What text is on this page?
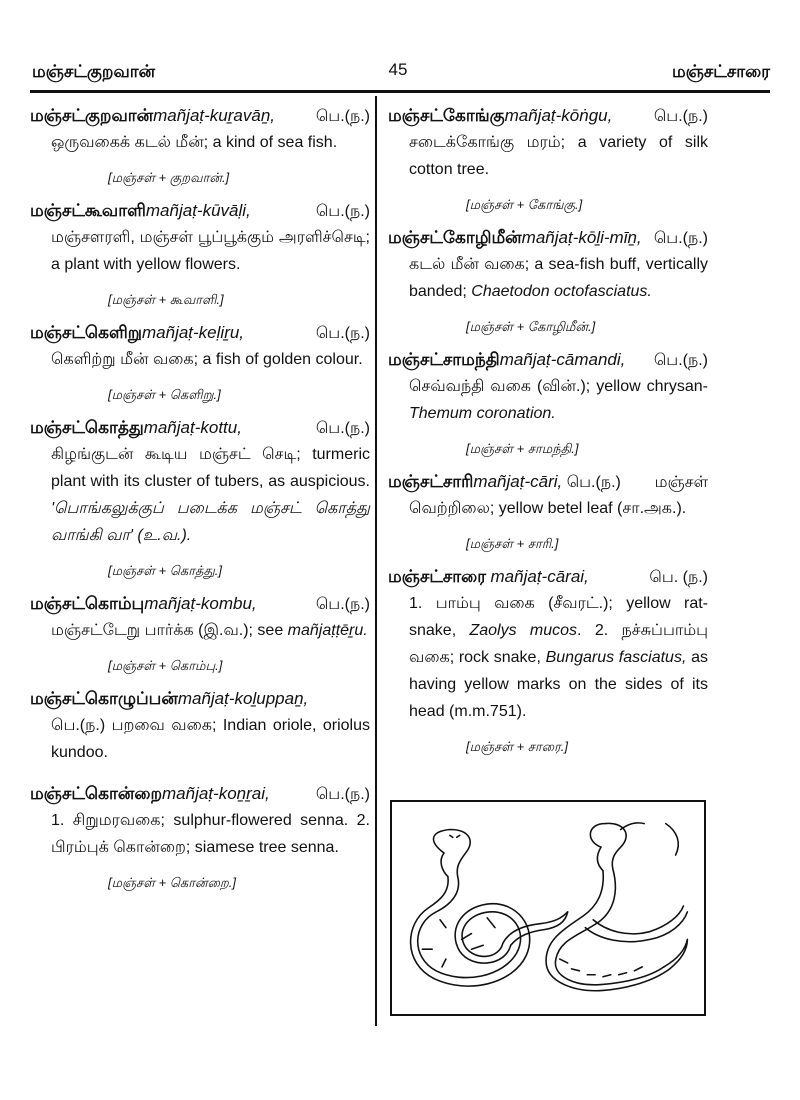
மஞ்சட்குறவான்	45	மஞ்சட்சாரை
மஞ்சட்குறவான்mañjaṭ-kuṟavāṉ,	பெ.(ந.)
ஒருவகைக் கடல் மீன்; a kind of sea fish.
[மஞ்சள் + குறவான்.]
மஞ்சட்கூவாளிmañjaṭ-kūvāḷi,	பெ.(ந.)
மஞ்சளரளி, மஞ்சள் பூப்பூக்கும் அரளிச்செடி; a plant with yellow flowers.
[மஞ்சள் + கூவாளி.]
மஞ்சட்கெளிறுmañjaṭ-keḷiṟu,	பெ.(ந.)
கெளிற்று மீன் வகை; a fish of golden colour.
[மஞ்சள் + கெளிறு.]
மஞ்சட்கொத்துmañjaṭ-kottu,	பெ.(ந.)
கிழங்குடன் கூடிய மஞ்சட் செடி; turmeric plant with its cluster of tubers, as auspicious. 'பொங்கலுக்குப் படைக்க மஞ்சட் கொத்து வாங்கி வா' (உ.வ.).
[மஞ்சள் + கொத்து.]
மஞ்சட்கொம்புmañjaṭ-kombu,	பெ.(ந.)
மஞ்சட்டேறு பார்க்க (இ.வ.); see mañjaṭṭēṟu.
[மஞ்சள் + கொம்பு.]
மஞ்சட்கொழுப்பன்mañjaṭ-koḻuppaṉ,
பெ.(ந.) பறவை வகை; Indian oriole, oriolus kundoo.
மஞ்சட்கொன்றைmañjaṭ-koṉṟai,	பெ.(ந.)
1. சிறுமரவகை; sulphur-flowered senna. 2. பிரம்புக் கொன்றை; siamese tree senna.
[மஞ்சள் + கொன்றை.]
மஞ்சட்கோங்குmañjaṭ-kōṅgu,	பெ.(ந.)
சடைக்கோங்கு மரம்; a variety of silk cotton tree.
[மஞ்சள் + கோங்கு.]
மஞ்சட்கோழிமீன்mañjaṭ-kōḻi-mīṉ, பெ.(ந.)
கடல் மீன் வகை; a sea-fish buff, vertically banded; Chaetodon octofasciatus.
[மஞ்சள் + கோழிமீன்.]
மஞ்சட்சாமந்திmañjaṭ-cāmandi, பெ.(ந.)
செவ்வந்தி வகை (வின்.); yellow chrysan- Themum coronation.
[மஞ்சள் + சாமந்தி.]
மஞ்சட்சாரிmañjaṭ-cāri, பெ.(ந.) மஞ்சள்
வெற்றிலை; yellow betel leaf (சா.அக.).
[மஞ்சள் + சாரி.]
மஞ்சட்சாரை mañjaṭ-cārai,	பெ. (ந.)
1. பாம்பு வகை (சீவரட்.); yellow rat-snake, Zaolys mucos. 2. நச்சுப்பாம்பு வகை; rock snake, Bungarus fasciatus, as having yellow marks on the sides of its head (m.m.751).
[மஞ்சள் + சாரை.]
